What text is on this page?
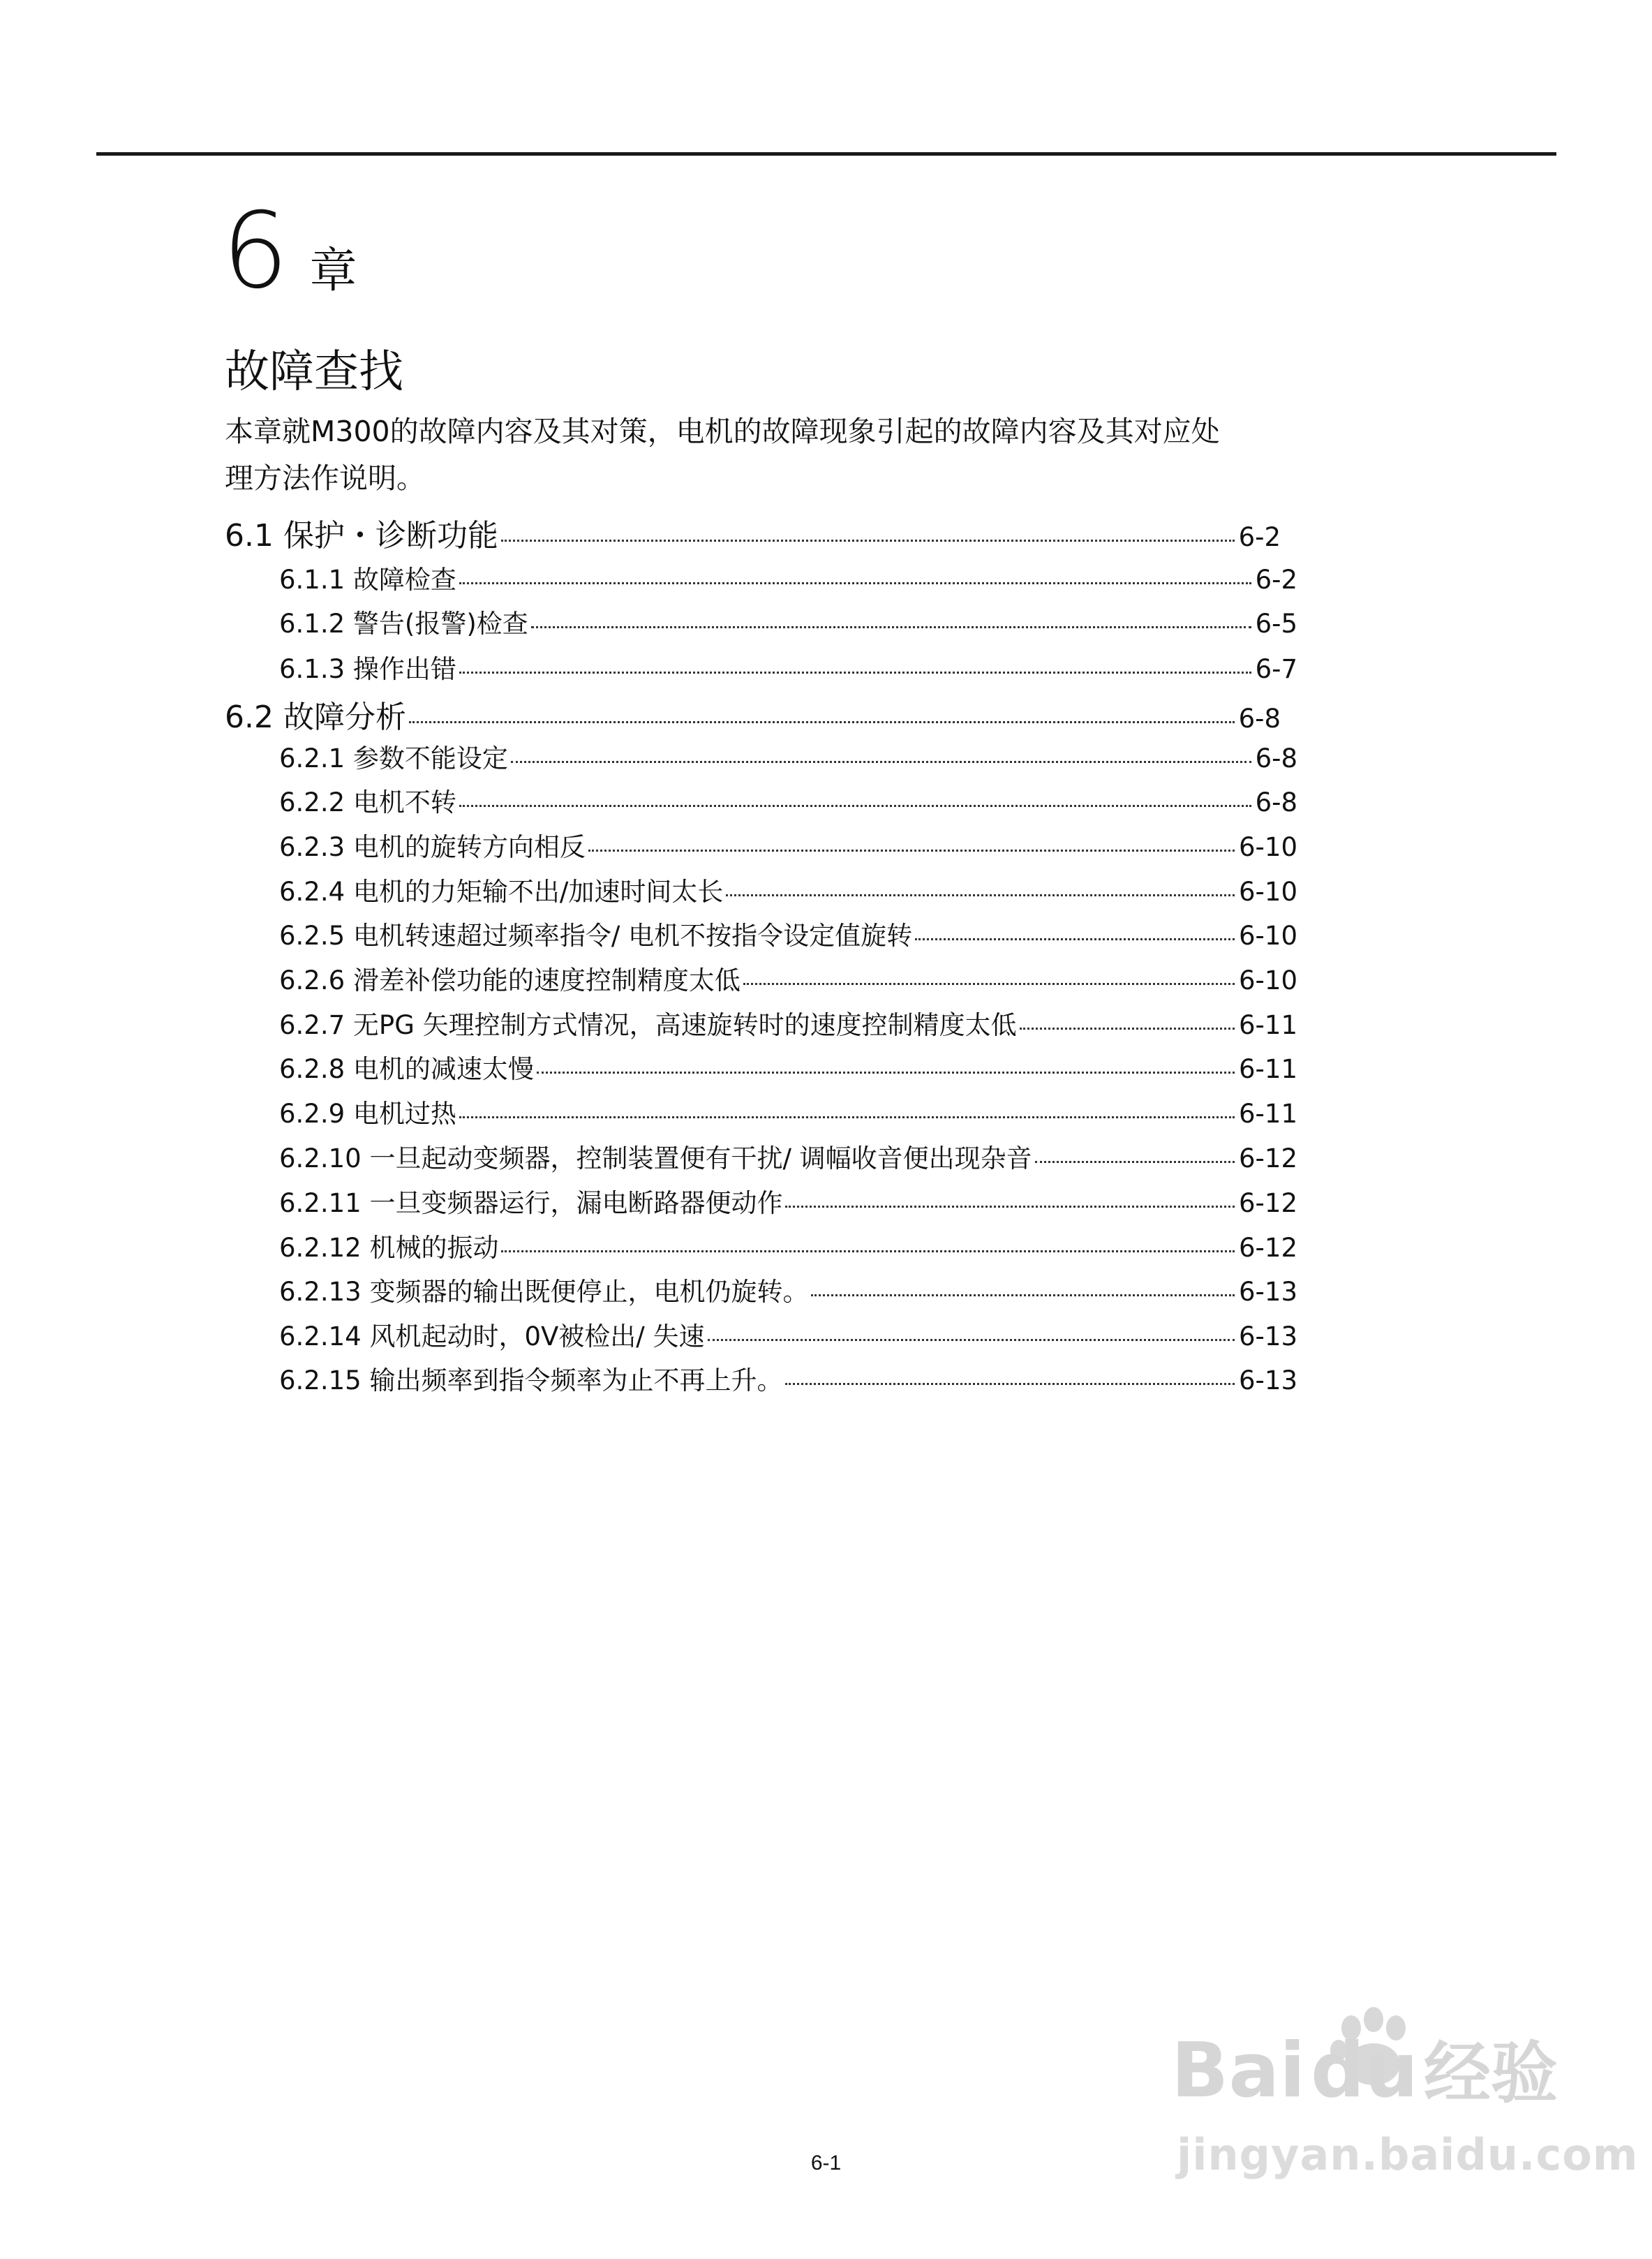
6 章
故障查找
本章就M300的故障内容及其对策，电机的故障现象引起的故障内容及其对应处
理方法作说明。
6.1 保护・诊断功能	6-2
6.1.1 故障检查	6-2
6.1.2 警告(报警)检查	6-5
6.1.3 操作出错	6-7
6.2 故障分析	6-8
6.2.1 参数不能设定	6-8
6.2.2 电机不转	6-8
6.2.3 电机的旋转方向相反	6-10
6.2.4 电机的力矩输不出/加速时间太长	6-10
6.2.5 电机转速超过频率指令/ 电机不按指令设定值旋转	6-10
6.2.6 滑差补偿功能的速度控制精度太低	6-10
6.2.7 无PG 矢理控制方式情况，高速旋转时的速度控制精度太低	6-11
6.2.8 电机的减速太慢	6-11
6.2.9 电机过热	6-11
6.2.10 一旦起动变频器，控制装置便有干扰/ 调幅收音便出现杂音	6-12
6.2.11 一旦变频器运行，漏电断路器便动作	6-12
6.2.12 机械的振动	6-12
6.2.13 变频器的输出既便停止，电机仍旋转。	6-13
6.2.14 风机起动时，0V被检出/ 失速	6-13
6.2.15 输出频率到指令频率为止不再上升。	6-13
6-1
Bai du 经验
jingyan.baidu.com
